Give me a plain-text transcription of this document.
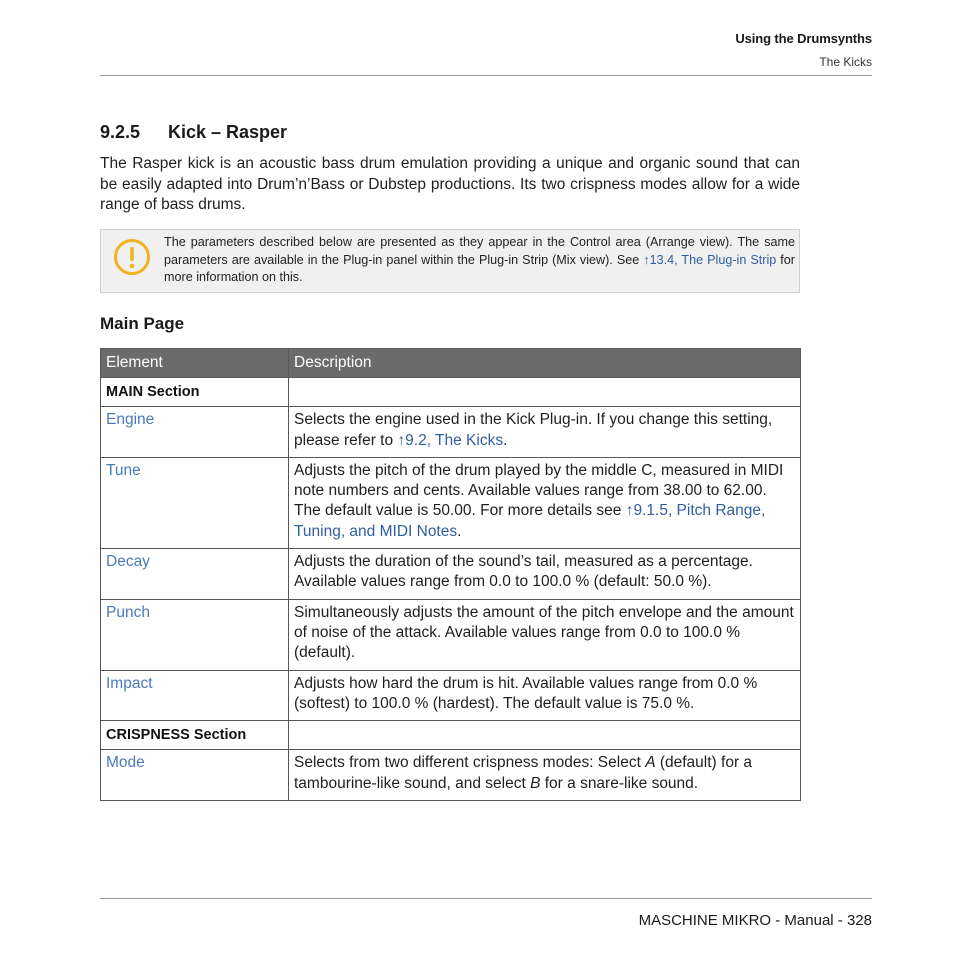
Using the Drumsynths
The Kicks
9.2.5 Kick – Rasper

The Rasper kick is an acoustic bass drum emulation providing a unique and organic sound that can be easily adapted into Drum’n’Bass or Dubstep productions. Its two crispness modes allow for a wide range of bass drums.

The parameters described below are presented as they appear in the Control area (Arrange view). The same parameters are available in the Plug-in panel within the Plug-in Strip (Mix view). See ↑13.4, The Plug-in Strip for more information on this.

Main Page
Element	Description
MAIN Section	
Engine	Selects the engine used in the Kick Plug-in. If you change this setting, please refer to ↑9.2, The Kicks.
Tune	Adjusts the pitch of the drum played by the middle C, measured in MIDI note numbers and cents. Available values range from 38.00 to 62.00. The default value is 50.00. For more details see ↑9.1.5, Pitch Range, Tuning, and MIDI Notes.
Decay	Adjusts the duration of the sound’s tail, measured as a percentage. Available values range from 0.0 to 100.0 % (default: 50.0 %).
Punch	Simultaneously adjusts the amount of the pitch envelope and the amount of noise of the attack. Available values range from 0.0 to 100.0 % (default).
Impact	Adjusts how hard the drum is hit. Available values range from 0.0 % (softest) to 100.0 % (hardest). The default value is 75.0 %.
CRISPNESS Section	
Mode	Selects from two different crispness modes: Select A (default) for a tambourine-like sound, and select B for a snare-like sound.
MASCHINE MIKRO - Manual - 328
